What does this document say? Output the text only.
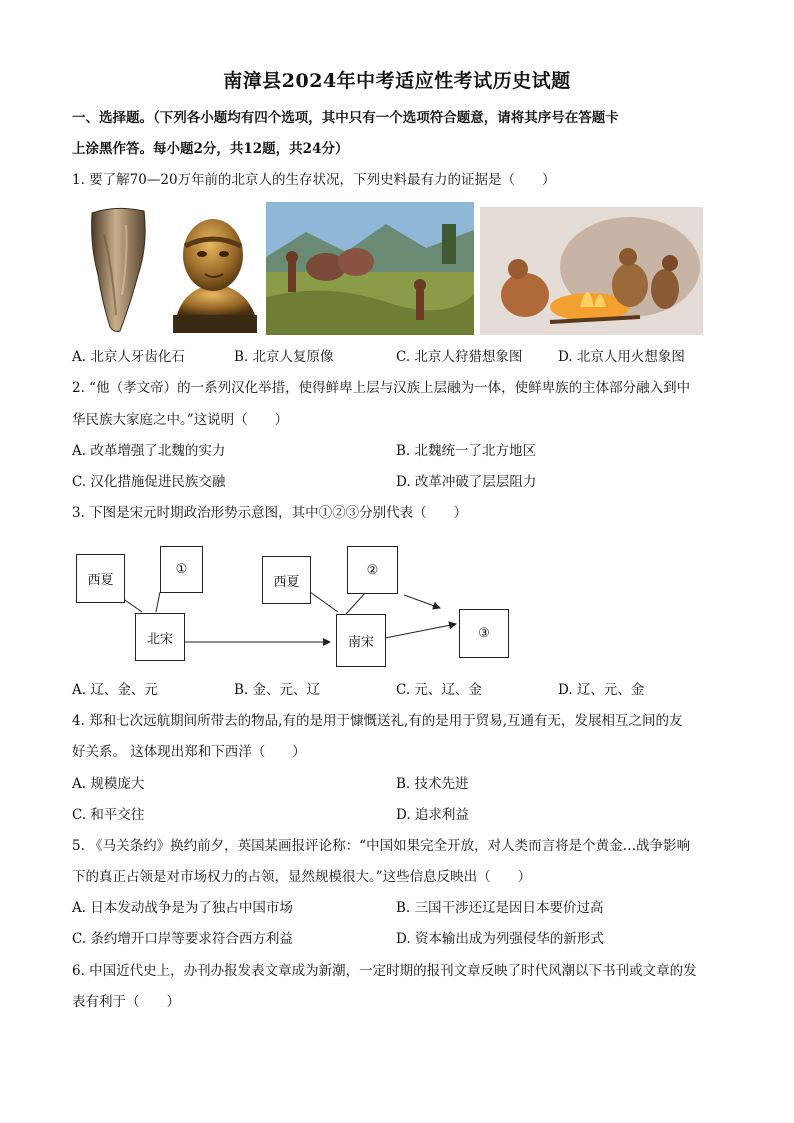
南漳县2024年中考适应性考试历史试题
一、选择题。（下列各小题均有四个选项，其中只有一个选项符合题意，请将其序号在答题卡
上涂黑作答。每小题2分，共12题，共24分）
1. 要了解70—20万年前的北京人的生存状况，下列史料最有力的证据是（　　）
A. 北京人牙齿化石	B. 北京人复原像	C. 北京人狩猎想象图	D. 北京人用火想象图
2. “他（孝文帝）的一系列汉化举措，使得鲜卑上层与汉族上层融为一体，使鲜卑族的主体部分融入到中
华民族大家庭之中。”这说明（　　）
A. 改革增强了北魏的实力	B. 北魏统一了北方地区
C. 汉化措施促进民族交融	D. 改革冲破了层层阻力
3. 下图是宋元时期政治形势示意图，其中①②③分别代表（　　）
西夏
①
北宋
西夏
②
南宋
③
A. 辽、金、元	B. 金、元、辽	C. 元、辽、金	D. 辽、元、金
4. 郑和七次远航期间所带去的物品,有的是用于慷慨送礼,有的是用于贸易,互通有无，发展相互之间的友
好关系。 这体现出郑和下西洋（　　）
A. 规模庞大	B. 技术先进
C. 和平交往	D. 追求利益
5. 《马关条约》换约前夕，英国某画报评论称：“中国如果完全开放，对人类而言将是个黄金…战争影响
下的真正占领是对市场权力的占领，显然规模很大。”这些信息反映出（　　）
A. 日本发动战争是为了独占中国市场	B. 三国干涉还辽是因日本要价过高
C. 条约增开口岸等要求符合西方利益	D. 资本输出成为列强侵华的新形式
6. 中国近代史上，办刊办报发表文章成为新潮，一定时期的报刊文章反映了时代风潮以下书刊或文章的发
表有利于（　　）
